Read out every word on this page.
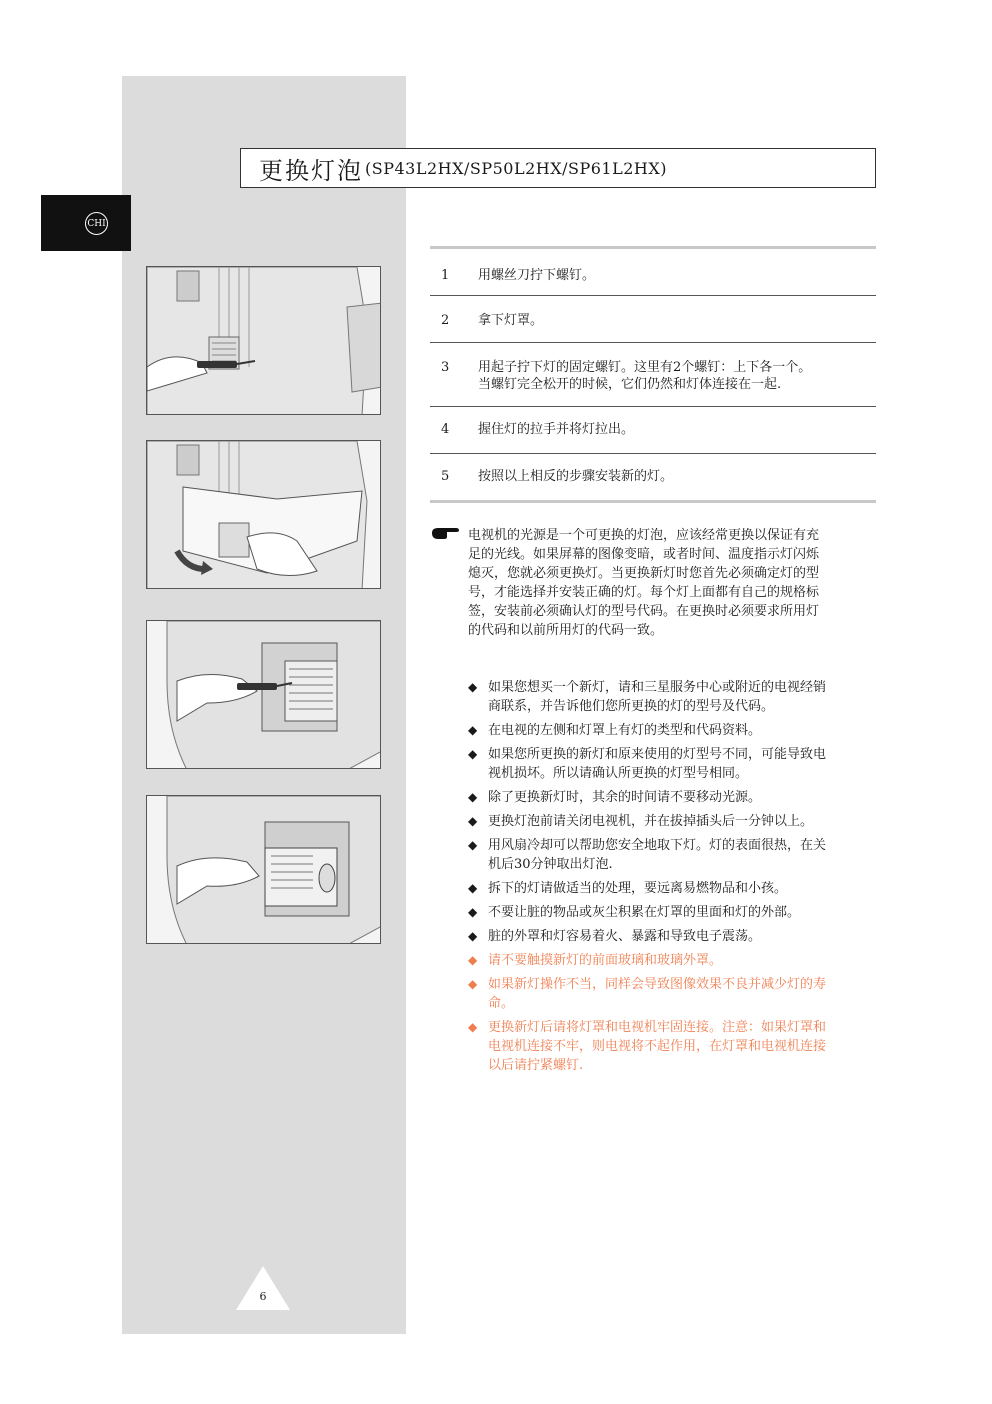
更换灯泡 (SP43L2HX/SP50L2HX/SP61L2HX)
CHI
1	用螺丝刀拧下螺钉。
2	拿下灯罩。
3	用起子拧下灯的固定螺钉。这里有2个螺钉：上下各一个。
当螺钉完全松开的时候，它们仍然和灯体连接在一起.
4	握住灯的拉手并将灯拉出。
5	按照以上相反的步骤安装新的灯。
电视机的光源是一个可更换的灯泡，应该经常更换以保证有充
足的光线。如果屏幕的图像变暗，或者时间、温度指示灯闪烁
熄灭，您就必须更换灯。当更换新灯时您首先必须确定灯的型
号，才能选择并安装正确的灯。每个灯上面都有自己的规格标
签，安装前必须确认灯的型号代码。在更换时必须要求所用灯
的代码和以前所用灯的代码一致。
◆ 如果您想买一个新灯，请和三星服务中心或附近的电视经销
商联系，并告诉他们您所更换的灯的型号及代码。
◆ 在电视的左侧和灯罩上有灯的类型和代码资料。
◆ 如果您所更换的新灯和原来使用的灯型号不同，可能导致电
视机损坏。所以请确认所更换的灯型号相同。
◆ 除了更换新灯时，其余的时间请不要移动光源。
◆ 更换灯泡前请关闭电视机，并在拔掉插头后一分钟以上。
◆ 用风扇冷却可以帮助您安全地取下灯。灯的表面很热，在关
机后30分钟取出灯泡.
◆ 拆下的灯请做适当的处理，要远离易燃物品和小孩。
◆ 不要让脏的物品或灰尘积累在灯罩的里面和灯的外部。
◆ 脏的外罩和灯容易着火、暴露和导致电子震荡。
◆ 请不要触摸新灯的前面玻璃和玻璃外罩。
◆ 如果新灯操作不当，同样会导致图像效果不良并减少灯的寿
命。
◆ 更换新灯后请将灯罩和电视机牢固连接。注意：如果灯罩和
电视机连接不牢，则电视将不起作用，在灯罩和电视机连接
以后请拧紧螺钉.
6
